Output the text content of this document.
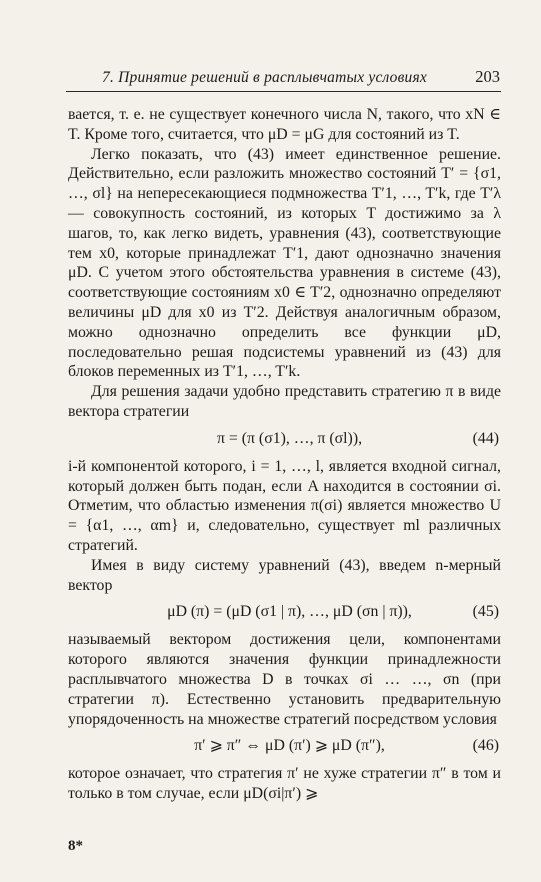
7. Принятие решений в расплывчатых условиях	203

вается, т. е. не существует конечного числа N, такого, что xN ∈ T. Кроме того, считается, что μD = μG для состояний из T.

Легко показать, что (43) имеет единственное решение. Действительно, если разложить множество состояний T′ = {σ1, …, σl} на непересекающиеся подмножества T′1, …, T′k, где T′λ — совокупность состояний, из которых T достижимо за λ шагов, то, как легко видеть, уравнения (43), соответствующие тем x0, которые принадлежат T′1, дают однозначно значения μD. С учетом этого обстоятельства уравнения в системе (43), соответствующие состояниям x0 ∈ T′2, однозначно определяют величины μD для x0 из T′2. Действуя аналогичным образом, можно однозначно определить все функции μD, последовательно решая подсистемы уравнений из (43) для блоков переменных из T′1, …, T′k.

Для решения задачи удобно представить стратегию π в виде вектора стратегии

π = (π (σ1), …, π (σl)),	(44)

i-й компонентой которого, i = 1, …, l, является входной сигнал, который должен быть подан, если A находится в состоянии σi. Отметим, что областью изменения π(σi) является множество U = {α1, …, αm} и, следовательно, существует ml различных стратегий.

Имея в виду систему уравнений (43), введем n-мерный вектор

μD (π) = (μD (σ1 | π), …, μD (σn | π)),	(45)

называемый вектором достижения цели, компонентами которого являются значения функции принадлежности расплывчатого множества D в точках σi … …, σn (при стратегии π). Естественно установить предварительную упорядоченность на множестве стратегий посредством условия

π′ ⩾ π″ ⇔ μD (π′) ⩾ μD (π″),	(46)

которое означает, что стратегия π′ не хуже стратегии π″ в том и только в том случае, если μD(σi|π′) ⩾

8*
